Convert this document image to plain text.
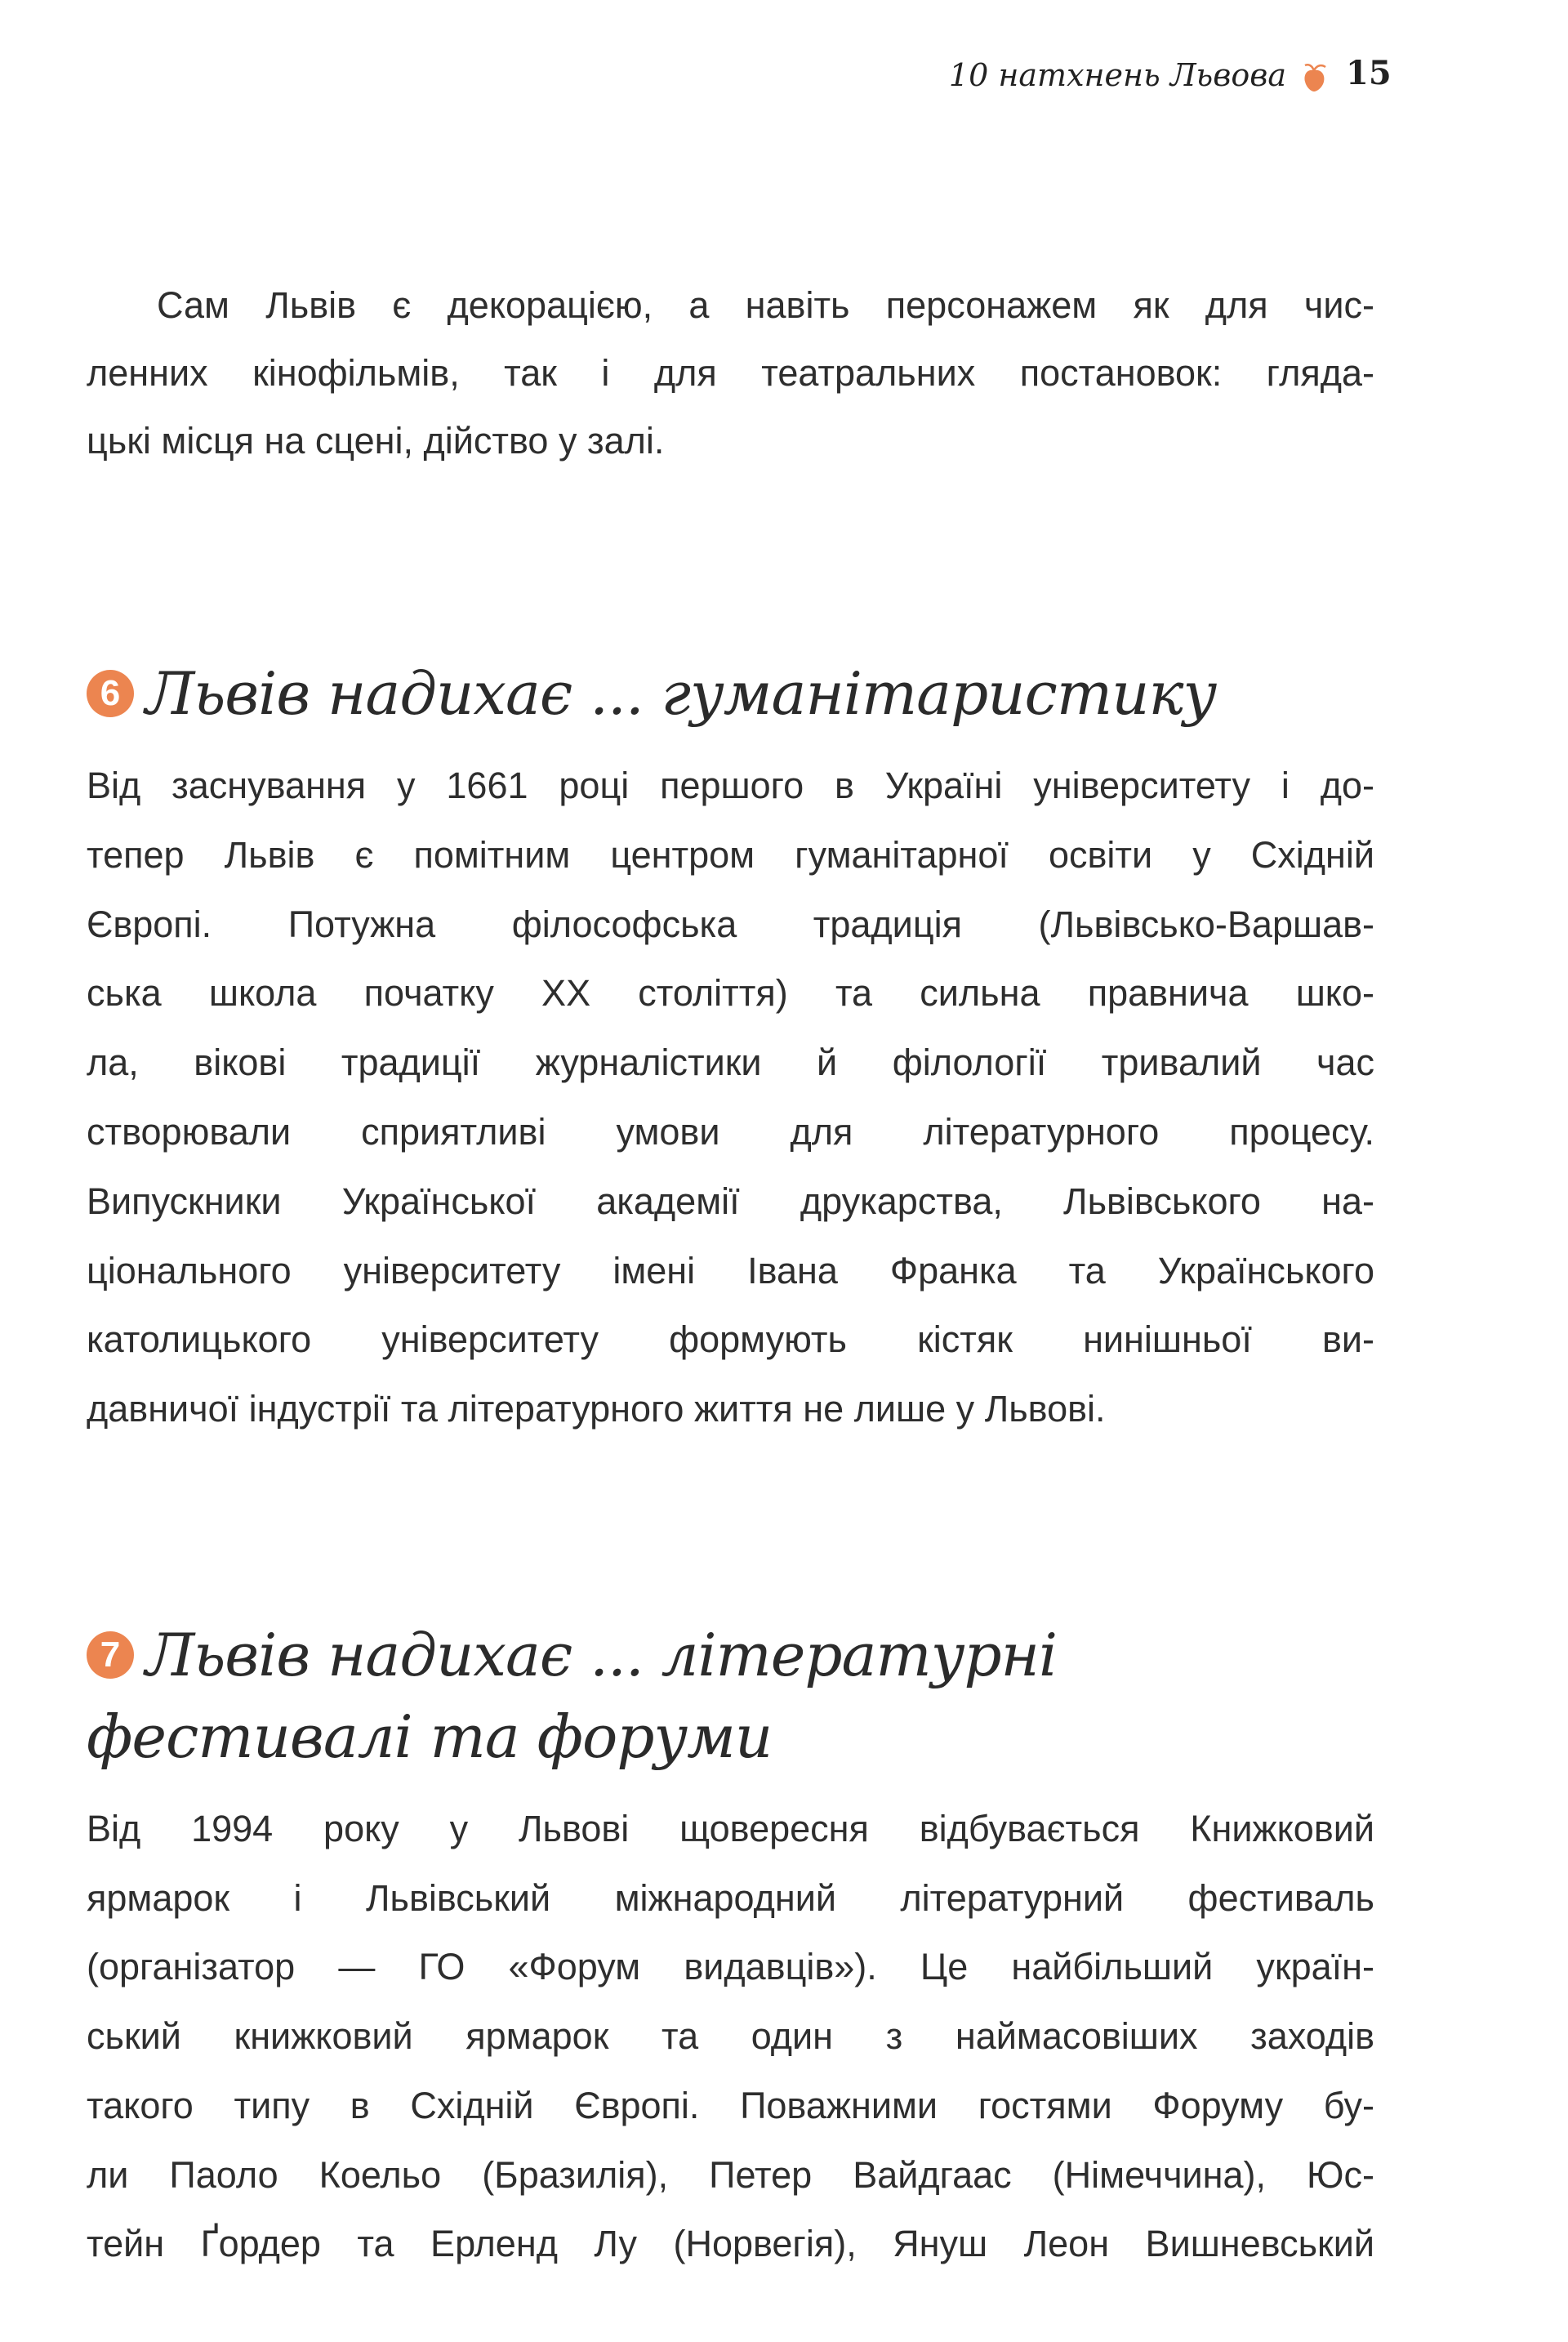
10 натхнень Львова 15
Сам Львів є декорацією, а навіть персонажем як для чис-
ленних кінофільмів, так і для театральних постановок: гляда-
цькі місця на сцені, дійство у залі.
6 Львів надихає ... гуманітаристику
Від заснування у 1661 році першого в Україні університету і до-
тепер Львів є помітним центром гуманітарної освіти у Східній
Європі. Потужна філософська традиція (Львівсько-Варшав-
ська школа початку XX століття) та сильна правнича шко-
ла, вікові традиції журналістики й філології тривалий час
створювали сприятливі умови для літературного процесу.
Випускники Української академії друкарства, Львівського на-
ціонального університету імені Івана Франка та Українського
католицького університету формують кістяк нинішньої ви-
давничої індустрії та літературного життя не лише у Львові.
7 Львів надихає ... літературні
фестивалі та форуми
Від 1994 року у Львові щовересня відбувається Книжковий
ярмарок і Львівський міжнародний літературний фестиваль
(організатор — ГО «Форум видавців»). Це найбільший україн-
ський книжковий ярмарок та один з наймасовіших заходів
такого типу в Східній Європі. Поважними гостями Форуму бу-
ли Паоло Коельо (Бразилія), Петер Вайдгаас (Німеччина), Юс-
тейн Ґордер та Ерленд Лу (Норвегія), Януш Леон Вишневський
